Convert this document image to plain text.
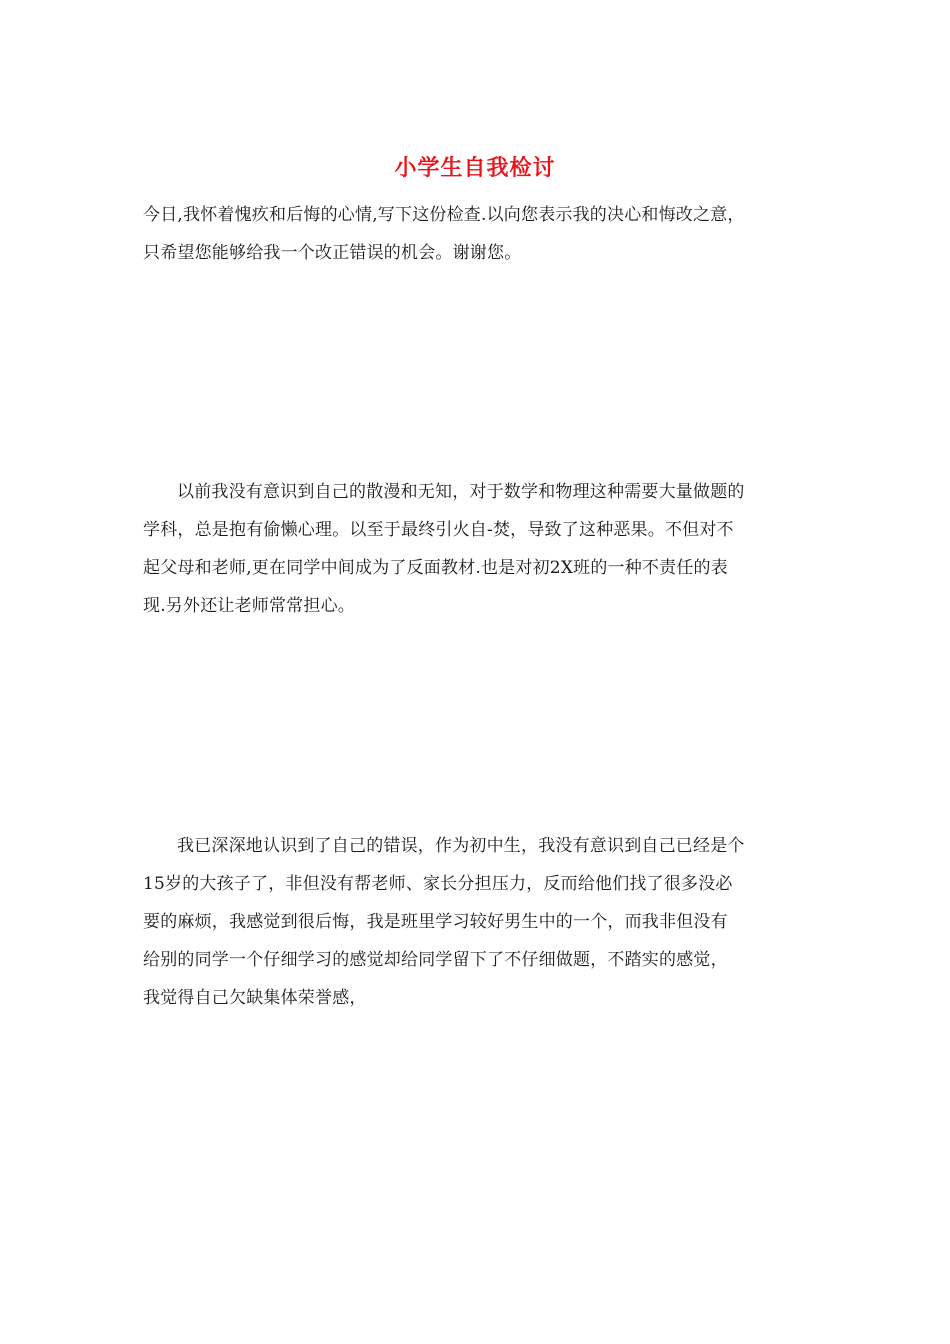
小学生自我检讨
今日,我怀着愧疚和后悔的心情,写下这份检查.以向您表示我的决心和悔改之意，
只希望您能够给我一个改正错误的机会。谢谢您。
以前我没有意识到自己的散漫和无知，对于数学和物理这种需要大量做题的
学科，总是抱有偷懒心理。以至于最终引火自-焚，导致了这种恶果。不但对不
起父母和老师,更在同学中间成为了反面教材.也是对初2X班的一种不责任的表
现.另外还让老师常常担心。
我已深深地认识到了自己的错误，作为初中生，我没有意识到自己已经是个
15岁的大孩子了，非但没有帮老师、家长分担压力，反而给他们找了很多没必
要的麻烦，我感觉到很后悔，我是班里学习较好男生中的一个，而我非但没有
给别的同学一个仔细学习的感觉却给同学留下了不仔细做题，不踏实的感觉，
我觉得自己欠缺集体荣誉感，
